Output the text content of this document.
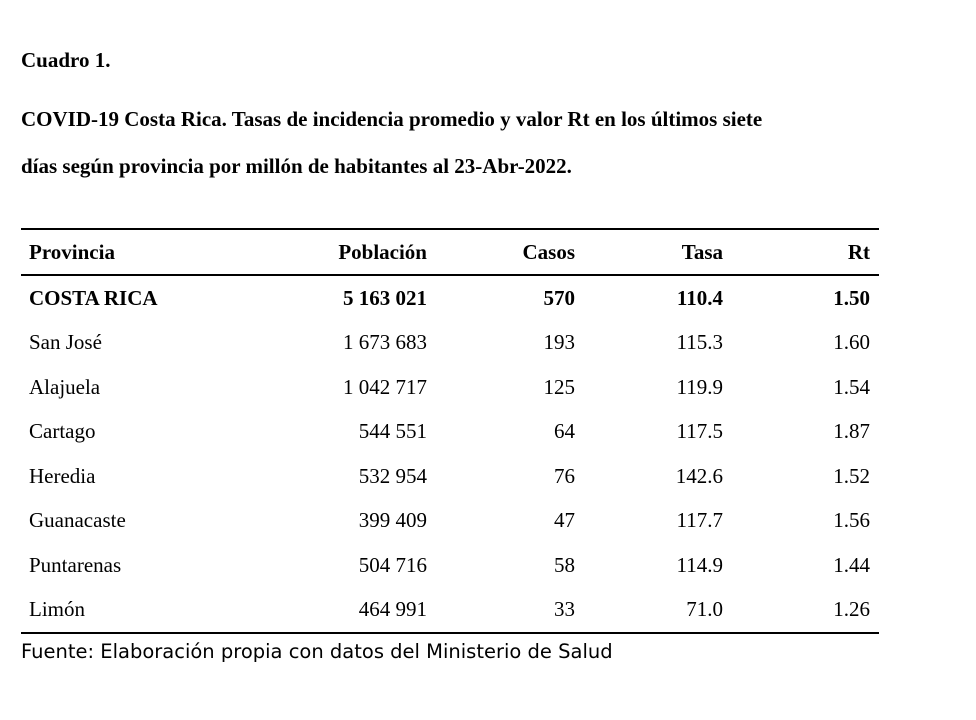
Cuadro 1.
COVID-19 Costa Rica. Tasas de incidencia promedio y valor Rt en los últimos siete
días según provincia por millón de habitantes al 23-Abr-2022.
Provincia	Población	Casos	Tasa	Rt
COSTA RICA	5 163 021	570	110.4	1.50
San José	1 673 683	193	115.3	1.60
Alajuela	1 042 717	125	119.9	1.54
Cartago	544 551	64	117.5	1.87
Heredia	532 954	76	142.6	1.52
Guanacaste	399 409	47	117.7	1.56
Puntarenas	504 716	58	114.9	1.44
Limón	464 991	33	71.0	1.26
Fuente: Elaboración propia con datos del Ministerio de Salud
